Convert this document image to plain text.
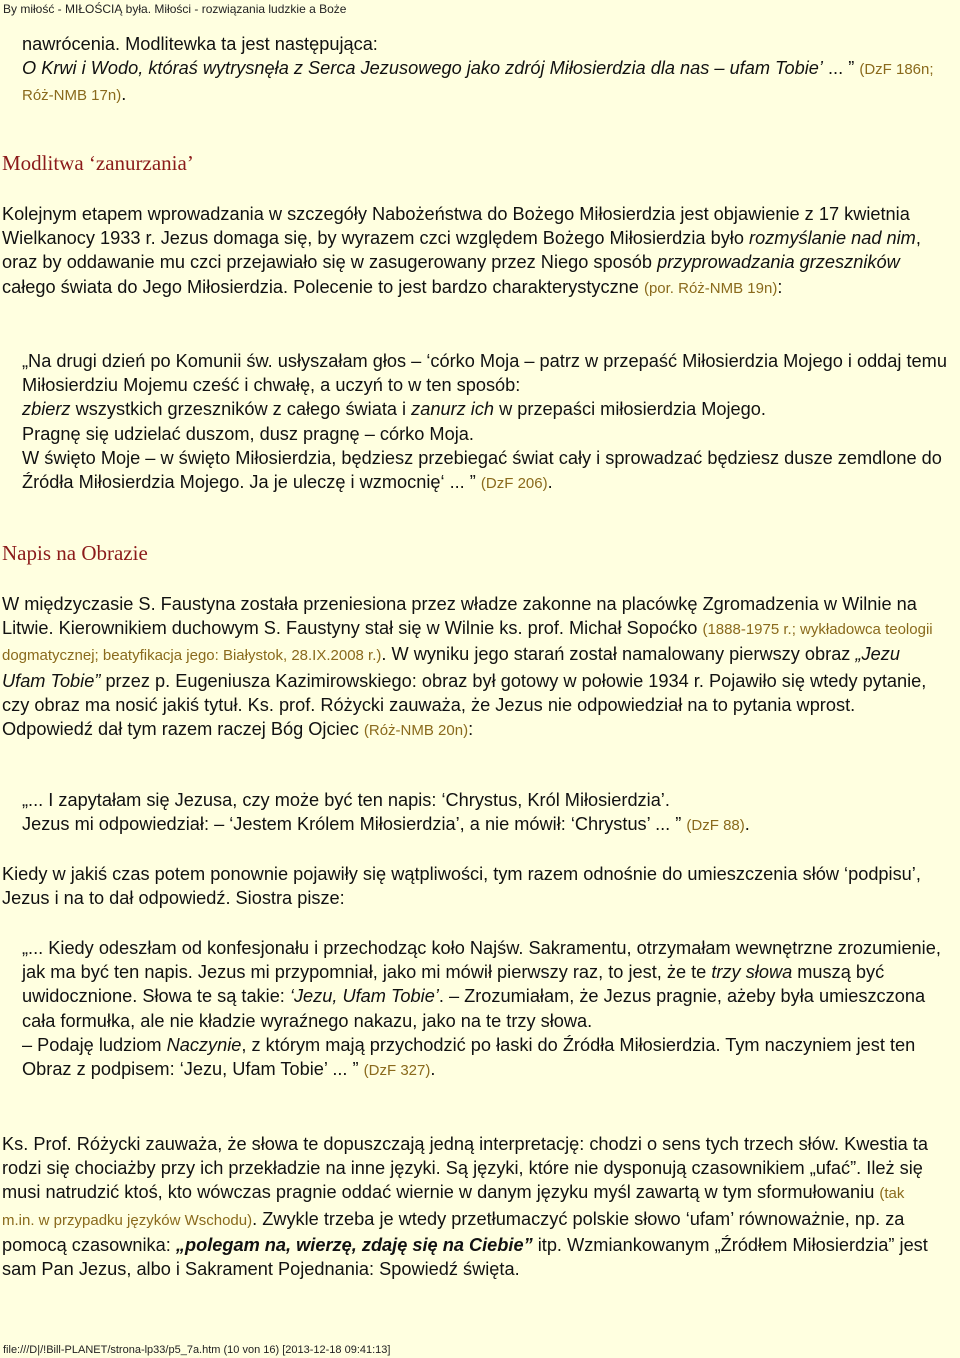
By miłość - MIŁOŚCIĄ była. Miłości - rozwiązania ludzkie a Boże
nawrócenia. Modlitewka ta jest następująca:
O Krwi i Wodo, któraś wytrysnęła z Serca Jezusowego jako zdrój Miłosierdzia dla nas – ufam Tobie’ ... ” (DzF 186n; Róż-NMB 17n).
Modlitwa ‘zanurzania’

Kolejnym etapem wprowadzania w szczegóły Nabożeństwa do Bożego Miłosierdzia jest objawienie z 17 kwietnia Wielkanocy 1933 r. Jezus domaga się, by wyrazem czci względem Bożego Miłosierdzia było rozmyślanie nad nim, oraz by oddawanie mu czci przejawiało się w zasugerowany przez Niego sposób przyprowadzania grzeszników całego świata do Jego Miłosierdzia. Polecenie to jest bardzo charakterystyczne (por. Róż-NMB 19n):

„Na drugi dzień po Komunii św. usłyszałam głos – ‘córko Moja – patrz w przepaść Miłosierdzia Mojego i oddaj temu Miłosierdziu Mojemu cześć i chwałę, a uczyń to w ten sposób:
zbierz wszystkich grzeszników z całego świata i zanurz ich w przepaści miłosierdzia Mojego.
Pragnę się udzielać duszom, dusz pragnę – córko Moja.
W święto Moje – w święto Miłosierdzia, będziesz przebiegać świat cały i sprowadzać będziesz dusze zemdlone do Źródła Miłosierdzia Mojego. Ja je uleczę i wzmocnię‘ ... ” (DzF 206).
Napis na Obrazie

W międzyczasie S. Faustyna została przeniesiona przez władze zakonne na placówkę Zgromadzenia w Wilnie na Litwie. Kierownikiem duchowym S. Faustyny stał się w Wilnie ks. prof. Michał Sopoćko (1888-1975 r.; wykładowca teologii dogmatycznej; beatyfikacja jego: Białystok, 28.IX.2008 r.). W wyniku jego starań został namalowany pierwszy obraz „Jezu Ufam Tobie” przez p. Eugeniusza Kazimirowskiego: obraz był gotowy w połowie 1934 r. Pojawiło się wtedy pytanie, czy obraz ma nosić jakiś tytuł. Ks. prof. Różycki zauważa, że Jezus nie odpowiedział na to pytania wprost. Odpowiedź dał tym razem raczej Bóg Ojciec (Róż-NMB 20n):

„... I zapytałam się Jezusa, czy może być ten napis: ‘Chrystus, Król Miłosierdzia’.
Jezus mi odpowiedział: – ‘Jestem Królem Miłosierdzia’, a nie mówił: ‘Chrystus’ ... ” (DzF 88).

Kiedy w jakiś czas potem ponownie pojawiły się wątpliwości, tym razem odnośnie do umieszczenia słów ‘podpisu’, Jezus i na to dał odpowiedź. Siostra pisze:

„... Kiedy odeszłam od konfesjonału i przechodząc koło Najśw. Sakramentu, otrzymałam wewnętrzne zrozumienie, jak ma być ten napis. Jezus mi przypomniał, jako mi mówił pierwszy raz, to jest, że te trzy słowa muszą być uwidocznione. Słowa te są takie: ‘Jezu, Ufam Tobie’. – Zrozumiałam, że Jezus pragnie, ażeby była umieszczona cała formułka, ale nie kładzie wyraźnego nakazu, jako na te trzy słowa.
– Podaję ludziom Naczynie, z którym mają przychodzić po łaski do Źródła Miłosierdzia. Tym naczyniem jest ten Obraz z podpisem: ‘Jezu, Ufam Tobie’ ... ” (DzF 327).

Ks. Prof. Różycki zauważa, że słowa te dopuszczają jedną interpretację: chodzi o sens tych trzech słów. Kwestia ta rodzi się chociażby przy ich przekładzie na inne języki. Są języki, które nie dysponują czasownikiem „ufać”. Ileż się musi natrudzić ktoś, kto wówczas pragnie oddać wiernie w danym języku myśl zawartą w tym sformułowaniu (tak m.in. w przypadku języków Wschodu). Zwykle trzeba je wtedy przetłumaczyć polskie słowo ‘ufam’ równoważnie, np. za pomocą czasownika: „polegam na, wierzę, zdaję się na Ciebie” itp. Wzmiankowanym „Źródłem Miłosierdzia” jest sam Pan Jezus, albo i Sakrament Pojednania: Spowiedź święta.

file:///D|/!Bill-PLANET/strona-lp33/p5_7a.htm (10 von 16) [2013-12-18 09:41:13]
